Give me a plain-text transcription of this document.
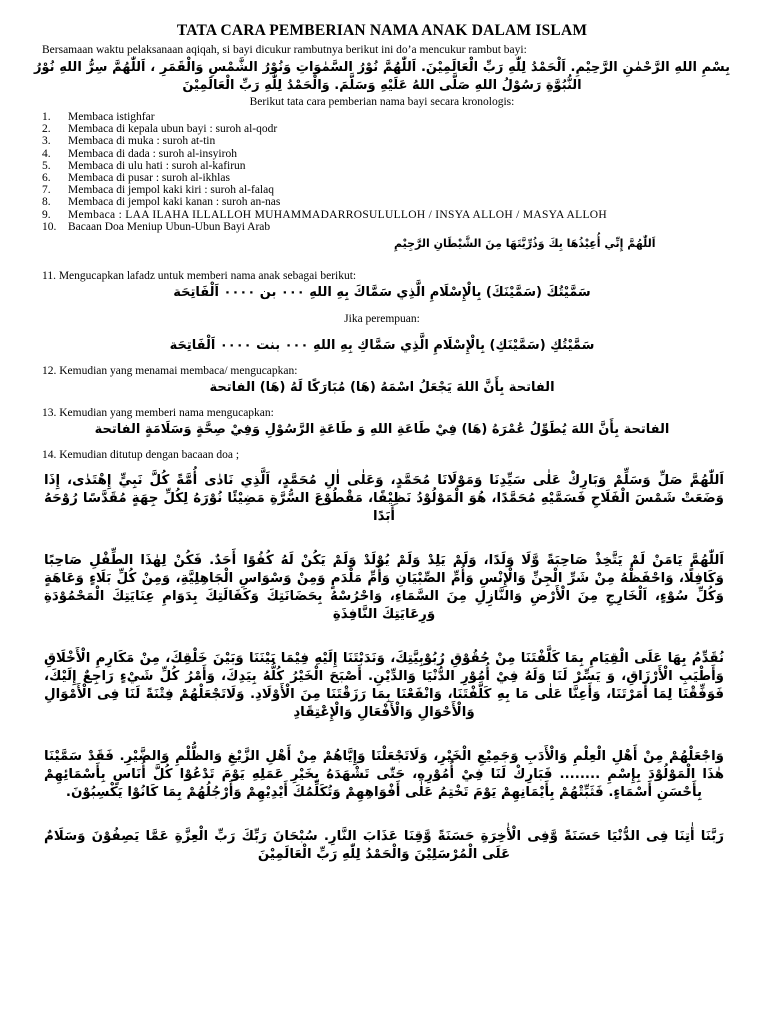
TATA CARA PEMBERIAN NAMA ANAK DALAM ISLAM

Bersamaan waktu pelaksanaan aqiqah, si bayi dicukur rambutnya berikut ini do’a mencukur rambut bayi:

بِسْمِ اللهِ الرَّحْمٰنِ الرَّحِيْمِ. اَلْحَمْدُ لِلّٰهِ رَبِّ الْعَالَمِيْنَ. اَللّٰهُمَّ نُوْرُ السَّمٰوَاتِ وَنُوْرُ الشَّمْسِ وَالْقَمَرِ ، اَللّٰهُمَّ سِرُّ اللهِ نُوْرُ النُّبُوَّةِ رَسُوْلُ اللهِ صَلَّى اللهُ عَلَيْهِ وَسَلَّمَ. وَالْحَمْدُ لِلّٰهِ رَبِّ الْعَالَمِيْنَ

Berikut tata cara pemberian nama bayi secara kronologis:

1.	Membaca istighfar
2.	Membaca di kepala ubun bayi : suroh al-qodr
3.	Membaca di muka : suroh at-tin
4.	Membaca di dada : suroh al-insyiroh
5.	Membaca di ulu hati : suroh al-kafirun
6.	Membaca di pusar : suroh al-ikhlas
7.	Membaca di jempol kaki kiri : suroh al-falaq
8.	Membaca di jempol kaki kanan : suroh an-nas
9.	Membaca : LAA ILAHA ILLALLOH MUHAMMADARROSULULLOH / INSYA ALLOH / MASYA ALLOH
10.	Bacaan Doa Meniup Ubun-Ubun Bayi Arab
اَللّٰهُمَّ إِنِّي أُعِيْذُهَا بِكَ وَذُرِّيَّتَهَا مِنَ الشَّيْطَانِ الرَّجِيْمِ

11. Mengucapkan lafadz untuk memberi nama anak sebagai berikut:

سَمَّيْتُكَ (سَمَّيْنَكَ) بِالْإِسْلَامِ الَّذِي سَمَّاكَ بِهِ اللهِ ٠٠٠ بن ٠٠٠٠ اَلْفَاتِحَة

Jika perempuan:

سَمَّيْتُكِ (سَمَّيْنَكِ) بِالْإِسْلَامِ الَّذِي سَمَّاكِ بِهِ اللهِ ٠٠٠ بنت ٠٠٠٠ اَلْفَاتِحَة

12. Kemudian yang menamai membaca/ mengucapkan:

الفاتحة بِأَنَّ اللهَ يَجْعَلُ اسْمَهُ (هَا) مُبَارَكًا لَهُ (هَا) الفاتحة

13. Kemudian yang memberi nama mengucapkan:

الفاتحة بِأَنَّ اللهَ يُطَوِّلُ عُمْرَهُ (هَا) فِيْ طَاعَةِ اللهِ وَ طَاعَةِ الرَّسُوْلِ وَفِيْ صِحَّةٍ وَسَلَامَةٍ الفاتحة

14. Kemudian ditutup dengan bacaan doa ;

اَللّٰهُمَّ صَلِّ وَسَلِّمْ وَبَارِكْ عَلٰى سَيِّدِنَا وَمَوْلَانَا مُحَمَّدٍ، وَعَلٰى اٰلِ مُحَمَّدٍ، اَلَّذِي نَادٰى أُمَّةً كُلَّ نَبِيٍّ إِهْتَدٰى، إِذَا وَضَعَتْ شَمْسَ الْفَلَاحِ فَسَمَّيْهِ مُحَمَّدًا، هُوَ الْمَوْلُوْدُ نَظِيْفًا، مَقْطُوْعَ السُّرَّةِ مَضِيْئًا نُوْرَهُ لِكُلِّ جِهَةٍ مُقَدَّسًا رُوْحَهُ أَبَدًا
اَللّٰهُمَّ يَامَنْ لَمْ يَتَّخِذْ صَاحِبَةً وَّلَا وَلَدًا، وَلَمْ يَلِدْ وَلَمْ يُوْلَدْ وَلَمْ يَكُنْ لَهُ كُفُوًا أَحَدٌ. فَكُنْ لِهٰذَا الطِّفْلِ صَاحِبًا وَكَافِلًا، وَاحْفَظْهُ مِنْ شَرِّ الْجِنِّ وَالْإِنْسِ وَأُمِّ الصِّبْيَانِ وَأُمِّ مَلْدَمٍ وَمِنْ وَسْوَاسِ الْجَاهِلِيَّةِ، وَمِنْ كُلِّ بَلَاءٍ وَعَاهَةٍ وَكُلِّ سُوْءٍ، اَلْخَارِجِ مِنَ الْأَرْضِ وَالنَّازِلِ مِنَ السَّمَاءِ، وَاحْرُسْهُ بِحَضَانَتِكَ وَكَفَالَتِكَ بِدَوَامِ عِنَايَتِكَ الْمَحْمُوْدَةِ وَرِعَايَتِكَ النَّافِذَةِ
نُقَدِّمُ بِهَا عَلَى الْقِيَامِ بِمَا كَلَّفْتَنَا مِنْ حُقُوْقِ رُبُوْبِيَّتِكَ، وَنَدَبْتَنَا إِلَيْهِ فِيْمَا بَيْنَنَا وَبَيْنَ خَلْقِكَ، مِنْ مَكَارِمِ الْأَخْلَاقِ وَأَطْيَبِ الْأَرْزَاقِ، وَ يَسِّرْ لَنَا وَلَهُ فِيْ أُمُوْرِ الدُّنْيَا وَالدِّيْنِ. أَصْبَحَ الْخَيْرُ كُلُّهُ بِيَدِكَ، وَأَمْرُ كُلِّ شَيْءٍ رَاجِعٌ إِلَيْكَ، فَوَفِّقْنَا لِمَا أَمَرْتَنَا، وَأَعِنَّا عَلٰى مَا بِهِ كَلَّفْتَنَا، وَانْفَعْنَا بِمَا رَزَقْتَنَا مِنَ الْأَوْلَادِ. وَلَاتَجْعَلْهُمْ فِتْنَةً لَنَا فِى الْأَمْوَالِ وَالْأَحْوَالِ وَالْأَفْعَالِ وَالْإِعْتِقَادِ
وَاجْعَلْهُمْ مِنْ أَهْلِ الْعِلْمِ وَالْأَدَبِ وَجَمِيْعِ الْخَيْرِ، وَلَاتَجْعَلْنَا وَإِيَّاهُمْ مِنْ أَهْلِ الزَّيْغِ وَالظُّلْمِ وَالضَّيْرِ. فَقَدْ سَمَّيْنَا هٰذَا الْمَوْلُوْدَ بِإِسْمِ ........ فَبَارِكْ لَنَا فِيْ أُمُوْرِهِ، حَتّٰى تَشْهَدَهُ بِخَيْرِ عَمَلِهِ يَوْمَ تَدْعُوْا كُلَّ أُنَاسٍ بِأَسْمَائِهِمْ بِأَحْسَنِ أَسْمَاءٍ. فَثَبِّتْهُمْ بِأَيْمَانِهِمْ يَوْمَ تَخْتِمُ عَلٰى أَفْوَاهِهِمْ وَتُكَلِّمُكَ أَيْدِيْهِمْ وَأَرْجُلُهُمْ بِمَا كَانُوْا يَكْسِبُوْنَ.
رَبَّنَا أٰتِنَا فِى الدُّنْيَا حَسَنَةً وَّفِى الْأٰخِرَةِ حَسَنَةً وَّقِنَا عَذَابَ النَّارِ. سُبْحَانَ رَبِّكَ رَبِّ الْعِزَّةِ عَمَّا يَصِفُوْنَ وَسَلَامٌ عَلَى الْمُرْسَلِيْنَ وَالْحَمْدُ لِلّٰهِ رَبِّ الْعَالَمِيْنَ
